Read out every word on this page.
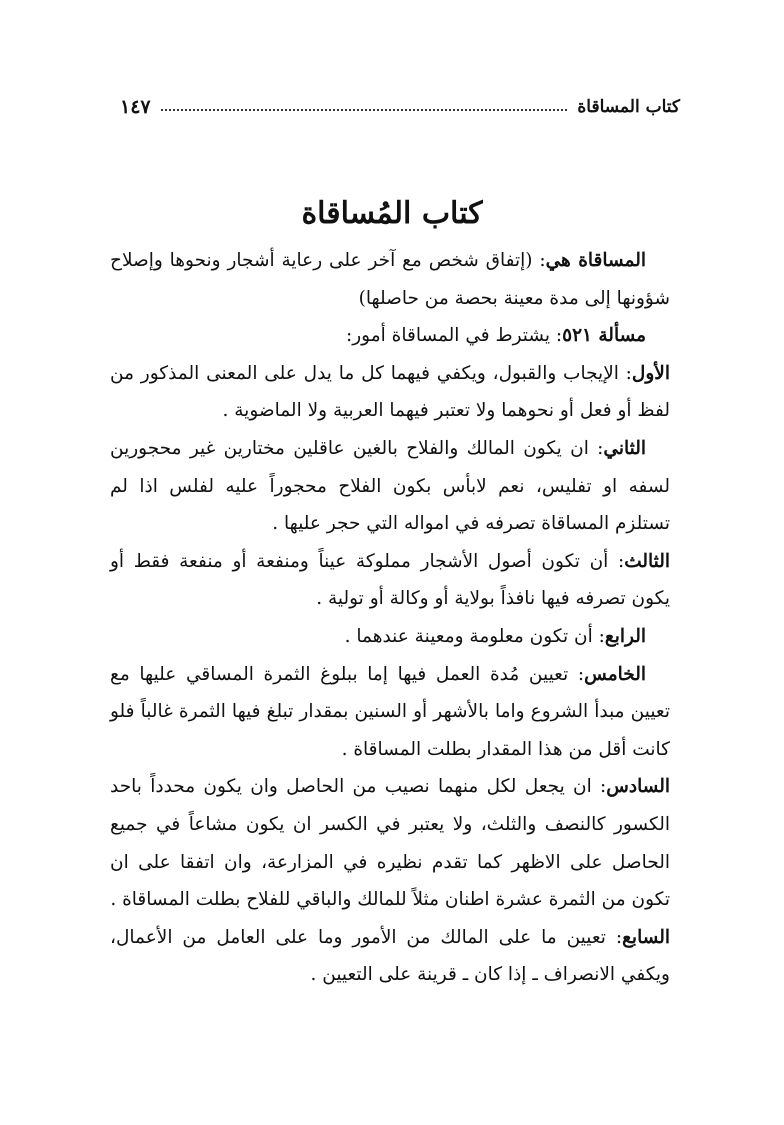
١٤٧	كتاب المساقاة
كتاب المُساقاة

المساقاة هي: (إتفاق شخص مع آخر على رعاية أشجار ونحوها وإصلاح شؤونها إلى مدة معينة بحصة من حاصلها)

مسألة ٥٢١: يشترط في المساقاة أمور:

الأول: الإيجاب والقبول، ويكفي فيهما كل ما يدل على المعنى المذكور من لفظ أو فعل أو نحوهما ولا تعتبر فيهما العربية ولا الماضوية .

الثاني: ان يكون المالك والفلاح بالغين عاقلين مختارين غير محجورين لسفه او تفليس، نعم لابأس بكون الفلاح محجوراً عليه لفلس اذا لم تستلزم المساقاة تصرفه في امواله التي حجر عليها .

الثالث: أن تكون أصول الأشجار مملوكة عيناً ومنفعة أو منفعة فقط أو يكون تصرفه فيها نافذاً بولاية أو وكالة أو تولية .

الرابع: أن تكون معلومة ومعينة عندهما .

الخامس: تعيين مُدة العمل فيها إما ببلوغ الثمرة المساقي عليها مع تعيين مبدأ الشروع واما بالأشهر أو السنين بمقدار تبلغ فيها الثمرة غالباً فلو كانت أقل من هذا المقدار بطلت المساقاة .

السادس: ان يجعل لكل منهما نصيب من الحاصل وان يكون محدداً باحد الكسور كالنصف والثلث، ولا يعتبر في الكسر ان يكون مشاعاً في جميع الحاصل على الاظهر كما تقدم نظيره في المزارعة، وان اتفقا على ان تكون من الثمرة عشرة اطنان مثلاً للمالك والباقي للفلاح بطلت المساقاة .

السابع: تعيين ما على المالك من الأمور وما على العامل من الأعمال، ويكفي الانصراف ـ إذا كان ـ قرينة على التعيين .
